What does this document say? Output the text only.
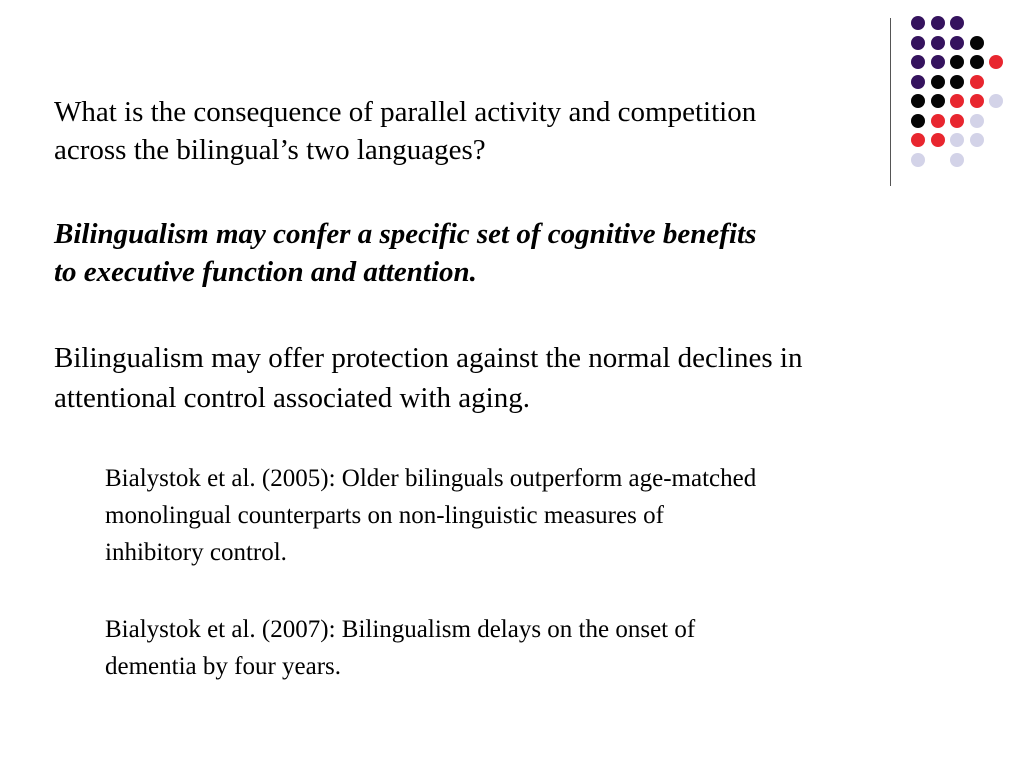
What is the consequence of parallel activity and competition
across the bilingual’s two languages?

Bilingualism may confer a specific set of cognitive benefits
to executive function and attention.

Bilingualism may offer protection against the normal declines in
attentional control associated with aging.

Bialystok et al. (2005): Older bilinguals outperform age-matched
monolingual counterparts on non-linguistic measures of
inhibitory control.

Bialystok et al. (2007): Bilingualism delays on the onset of
dementia by four years.
